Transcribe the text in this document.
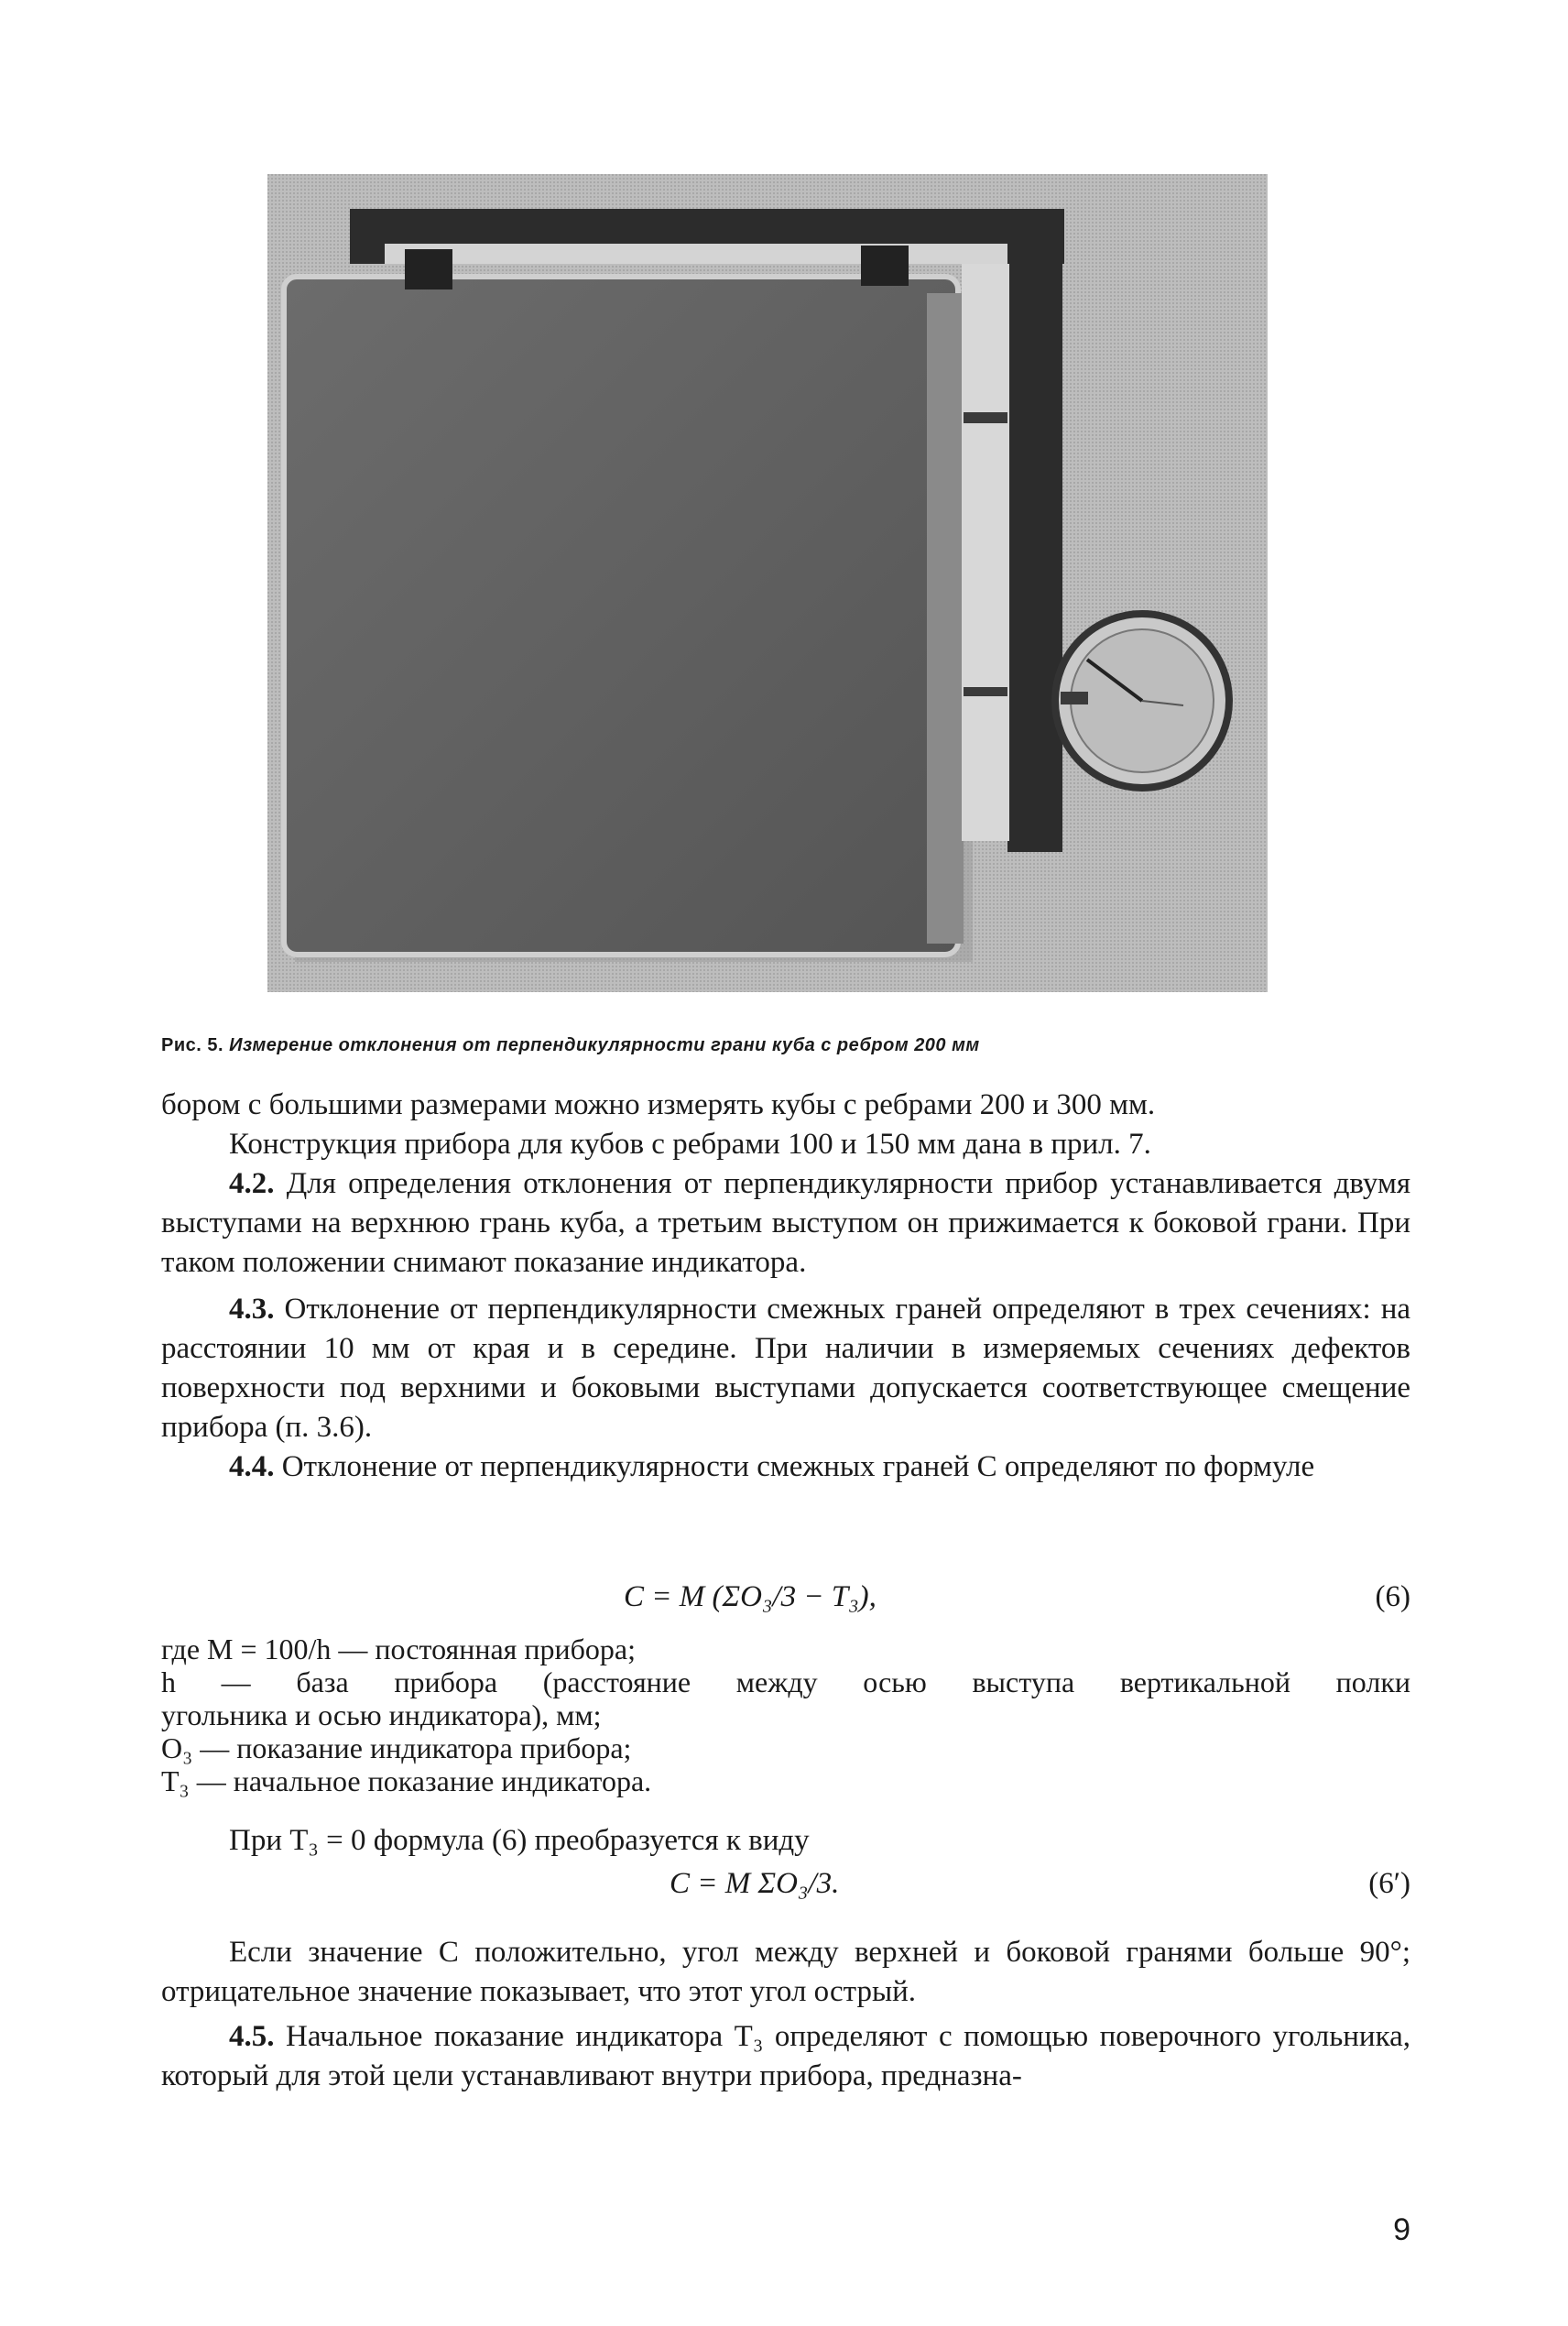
Рис. 5. Измерение отклонения от перпендикулярности грани куба с ребром 200 мм

бором с большими размерами можно измерять кубы с ребрами 200 и 300 мм.

Конструкция прибора для кубов с ребрами 100 и 150 мм дана в прил. 7.

4.2. Для определения отклонения от перпендикулярности прибор устанавливается двумя выступами на верхнюю грань куба, а третьим выступом он прижимается к боковой грани. При таком положении снимают показание индикатора.

4.3. Отклонение от перпендикулярности смежных граней определяют в трех сечениях: на расстоянии 10 мм от края и в середине. При наличии в измеряемых сечениях дефектов поверхности под верхними и боковыми выступами допускается соответствующее смещение прибора (п. 3.6).

4.4. Отклонение от перпендикулярности смежных граней C определяют по формуле

C = M (ΣO₃/3 − T₃),	(6)

где M = 100/h — постоянная прибора;

h — база прибора (расстояние между осью выступа вертикальной полки

угольника и осью индикатора), мм;

O₃ — показание индикатора прибора;

T₃ — начальное показание индикатора.

При T₃ = 0 формула (6) преобразуется к виду

C = M ΣO₃/3.	(6′)

Если значение C положительно, угол между верхней и боковой гранями больше 90°; отрицательное значение показывает, что этот угол острый.

4.5. Начальное показание индикатора T₃ определяют с помощью поверочного угольника, который для этой цели устанавливают внутри прибора, предназна-

9
